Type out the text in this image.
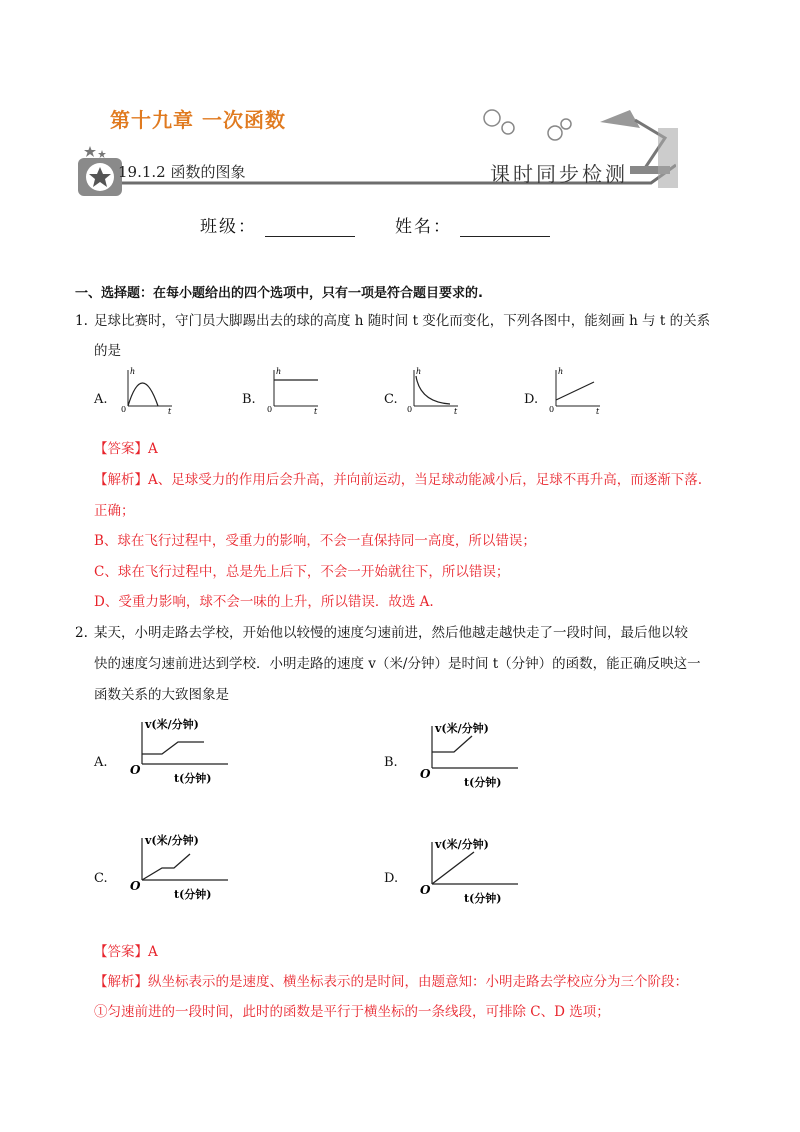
第十九章 一次函数
19.1.2 函数的图象	课时同步检测
班级：	姓名：
一、选择题：在每小题给出的四个选项中，只有一项是符合题目要求的.
1. 足球比赛时，守门员大脚踢出去的球的高度 h 随时间 t 变化而变化，下列各图中，能刻画 h 与 t 的关系
的是
A.	B.	C.	D.
0
h
t	0
h
t	0
h
t	0
h
t
【答案】A
【解析】A、足球受力的作用后会升高，并向前运动，当足球动能减小后，足球不再升高，而逐渐下落.
正确；
B、球在飞行过程中，受重力的影响，不会一直保持同一高度，所以错误；
C、球在飞行过程中，总是先上后下，不会一开始就往下，所以错误；
D、受重力影响，球不会一味的上升，所以错误．故选 A.
2. 某天，小明走路去学校，开始他以较慢的速度匀速前进，然后他越走越快走了一段时间，最后他以较
快的速度匀速前进达到学校．小明走路的速度 v（米/分钟）是时间 t（分钟）的函数，能正确反映这一
函数关系的大致图象是
A.	B.
C.	D.
O
v(米/分钟)
t(分钟)	O
v(米/分钟)
t(分钟)
O
v(米/分钟)
t(分钟)	O
v(米/分钟)
t(分钟)
【答案】A
【解析】纵坐标表示的是速度、横坐标表示的是时间，由题意知：小明走路去学校应分为三个阶段：
①匀速前进的一段时间，此时的函数是平行于横坐标的一条线段，可排除 C、D 选项；
